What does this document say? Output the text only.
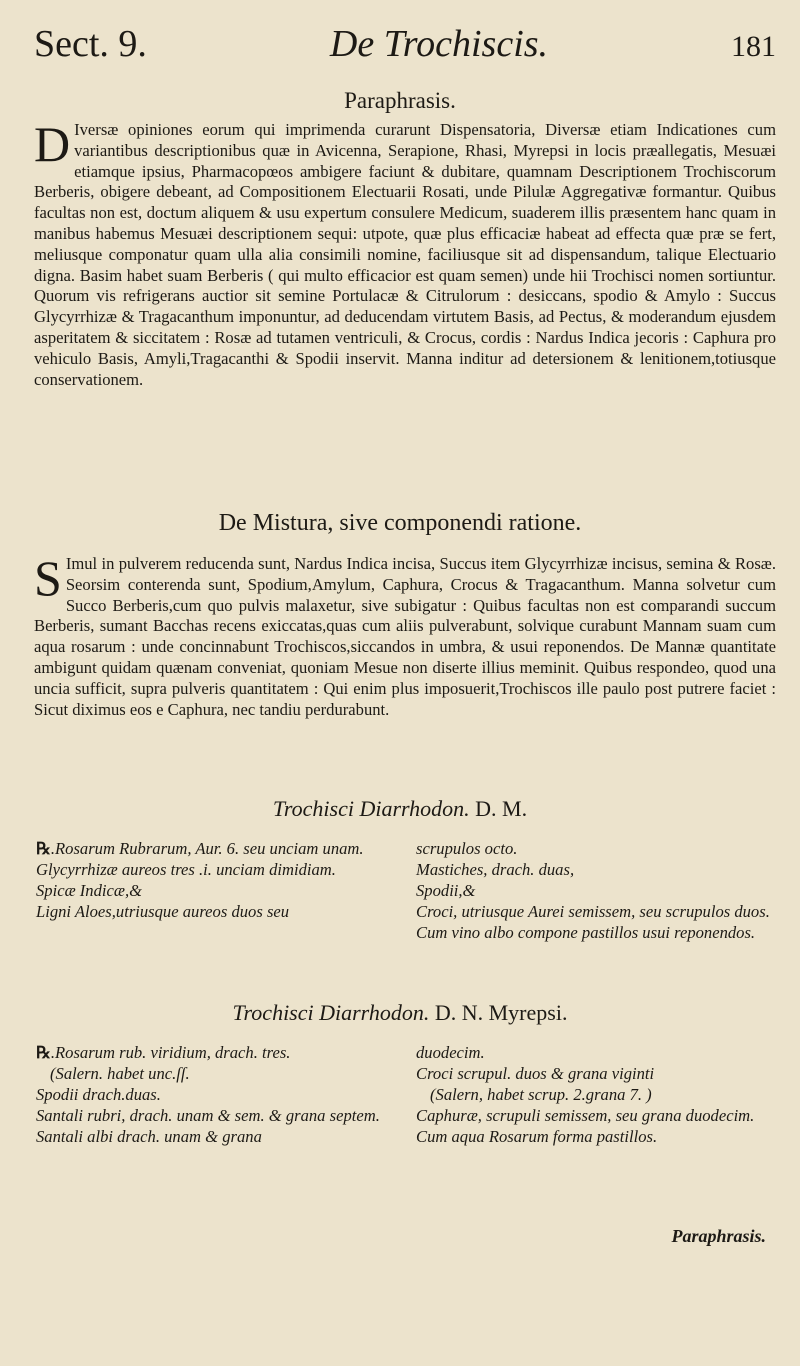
Sect. 9.	De Trochiscis.	181
Paraphrasis.
D Iversæ opiniones eorum qui imprimenda curarunt Dispensatoria, Diversæ etiam Indicationes cum variantibus descriptionibus quæ in Avicenna, Serapione, Rhasi, Myrepsi in locis præallegatis, Mesuæi etiamque ipsius, Pharmacopœos ambigere faciunt & dubitare, quamnam Descriptionem Trochiscorum Berberis, obigere debeant, ad Compositionem Electuarii Rosati, unde Pilulæ Aggregativæ formantur. Quibus facultas non est, doctum aliquem & usu expertum consulere Medicum, suaderem illis præsentem hanc quam in manibus habemus Mesuæi descriptionem sequi: utpote, quæ plus efficaciæ habeat ad effecta quæ præ se fert, meliusque componatur quam ulla alia consimili nomine, faciliusque sit ad dispensandum, talique Electuario digna. Basim habet suam Berberis ( qui multo efficacior est quam semen) unde hii Trochisci nomen sortiuntur. Quorum vis refrigerans auctior sit semine Portulacæ & Citrulorum : desiccans, spodio & Amylo : Succus Glycyrrhizæ & Tragacanthum imponuntur, ad deducendam virtutem Basis, ad Pectus, & moderandum ejusdem asperitatem & siccitatem : Rosæ ad tutamen ventriculi, & Crocus, cordis : Nardus Indica jecoris : Caphura pro vehiculo Basis, Amyli,Tragacanthi & Spodii inservit. Manna inditur ad detersionem & lenitionem,totiusque conservationem.
De Mistura, sive componendi ratione.
S Imul in pulverem reducenda sunt, Nardus Indica incisa, Succus item Glycyrrhizæ incisus, semina & Rosæ. Seorsim conterenda sunt, Spodium,Amylum, Caphura, Crocus & Tragacanthum. Manna solvetur cum Succo Berberis,cum quo pulvis malaxetur, sive subigatur : Quibus facultas non est comparandi succum Berberis, sumant Bacchas recens exiccatas,quas cum aliis pulverabunt, solvique curabunt Mannam suam cum aqua rosarum : unde concinnabunt Trochiscos,siccandos in umbra, & usui reponendos. De Mannæ quantitate ambigunt quidam quænam conveniat, quoniam Mesue non diserte illius meminit. Quibus respondeo, quod una uncia sufficit, supra pulveris quantitatem : Qui enim plus imposuerit,Trochiscos ille paulo post putrere faciet : Sicut diximus eos e Caphura, nec tandiu perdurabunt.
Trochisci Diarrhodon. D. M.
℞.Rosarum Rubrarum, Aur. 6. seu unciam unam.
Glycyrrhizæ aureos tres .i. unciam dimidiam.
Spicæ Indicæ,&
Ligni Aloes,utriusque aureos duos seu
scrupulos octo.
Mastiches, drach. duas,
Spodii,&
Croci, utriusque Aurei semissem, seu scrupulos duos.
Cum vino albo compone pastillos usui reponendos.
Trochisci Diarrhodon. D. N. Myrepsi.
℞.Rosarum rub. viridium, drach. tres.
(Salern. habet unc.ſſ.
Spodii drach.duas.
Santali rubri, drach. unam & sem. & grana septem.
Santali albi drach. unam & grana
duodecim.
Croci scrupul. duos & grana viginti
(Salern, habet scrup. 2.grana 7. )
Caphuræ, scrupuli semissem, seu grana duodecim.
Cum aqua Rosarum forma pastillos.
Paraphrasis.
